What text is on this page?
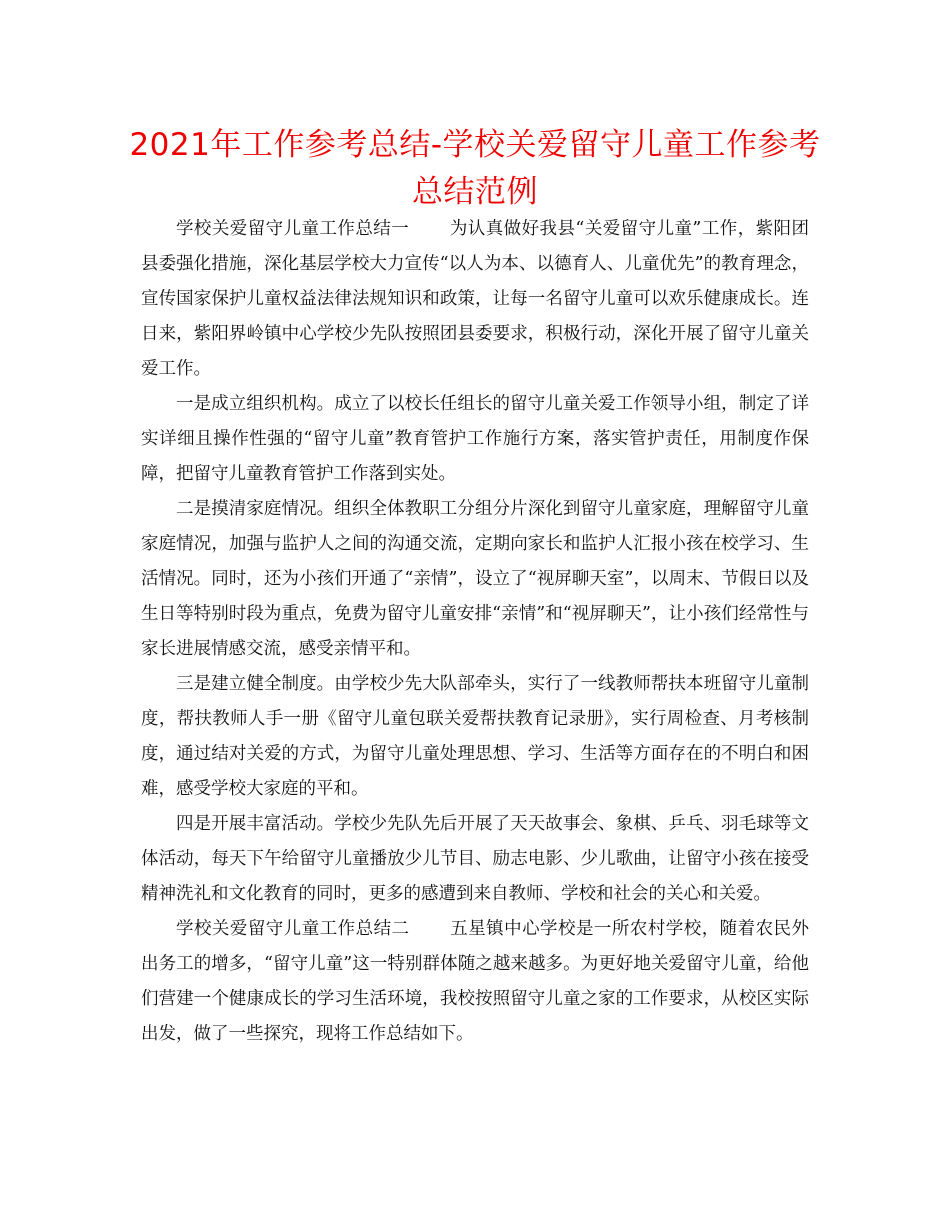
2021年工作参考总结-学校关爱留守儿童工作参考总结范例

学校关爱留守儿童工作总结一 为认真做好我县“关爱留守儿童”工作，紫阳团县委强化措施，深化基层学校大力宣传“以人为本、以德育人、儿童优先”的教育理念，宣传国家保护儿童权益法律法规知识和政策，让每一名留守儿童可以欢乐健康成长。连日来，紫阳界岭镇中心学校少先队按照团县委要求，积极行动，深化开展了留守儿童关爱工作。

一是成立组织机构。成立了以校长任组长的留守儿童关爱工作领导小组，制定了详实详细且操作性强的“留守儿童”教育管护工作施行方案，落实管护责任，用制度作保障，把留守儿童教育管护工作落到实处。

二是摸清家庭情况。组织全体教职工分组分片深化到留守儿童家庭，理解留守儿童家庭情况，加强与监护人之间的沟通交流，定期向家长和监护人汇报小孩在校学习、生活情况。同时，还为小孩们开通了“亲情”，设立了“视屏聊天室”，以周末、节假日以及生日等特别时段为重点，免费为留守儿童安排“亲情”和“视屏聊天”，让小孩们经常性与家长进展情感交流，感受亲情平和。

三是建立健全制度。由学校少先大队部牵头，实行了一线教师帮扶本班留守儿童制度，帮扶教师人手一册《留守儿童包联关爱帮扶教育记录册》，实行周检查、月考核制度，通过结对关爱的方式，为留守儿童处理思想、学习、生活等方面存在的不明白和困难，感受学校大家庭的平和。

四是开展丰富活动。学校少先队先后开展了天天故事会、象棋、乒乓、羽毛球等文体活动，每天下午给留守儿童播放少儿节目、励志电影、少儿歌曲，让留守小孩在接受精神洗礼和文化教育的同时，更多的感遭到来自教师、学校和社会的关心和关爱。

学校关爱留守儿童工作总结二 五星镇中心学校是一所农村学校，随着农民外出务工的增多，“留守儿童”这一特别群体随之越来越多。为更好地关爱留守儿童，给他们营建一个健康成长的学习生活环境，我校按照留守儿童之家的工作要求，从校区实际出发，做了一些探究，现将工作总结如下。
